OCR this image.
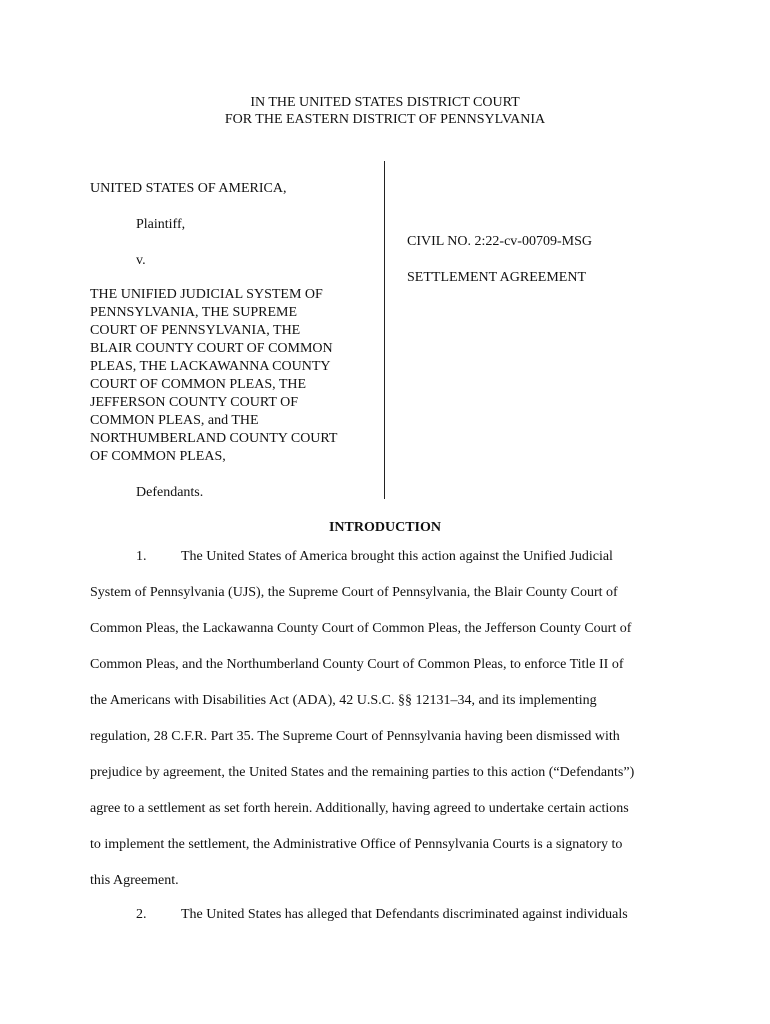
IN THE UNITED STATES DISTRICT COURT
FOR THE EASTERN DISTRICT OF PENNSYLVANIA
UNITED STATES OF AMERICA,
Plaintiff,
v.
THE UNIFIED JUDICIAL SYSTEM OF
PENNSYLVANIA, THE SUPREME
COURT OF PENNSYLVANIA, THE
BLAIR COUNTY COURT OF COMMON
PLEAS, THE LACKAWANNA COUNTY
COURT OF COMMON PLEAS, THE
JEFFERSON COUNTY COURT OF
COMMON PLEAS, and THE
NORTHUMBERLAND COUNTY COURT
OF COMMON PLEAS,
Defendants.
CIVIL NO. 2:22-cv-00709-MSG
SETTLEMENT AGREEMENT
INTRODUCTION
1. The United States of America brought this action against the Unified Judicial
System of Pennsylvania (UJS), the Supreme Court of Pennsylvania, the Blair County Court of
Common Pleas, the Lackawanna County Court of Common Pleas, the Jefferson County Court of
Common Pleas, and the Northumberland County Court of Common Pleas, to enforce Title II of
the Americans with Disabilities Act (ADA), 42 U.S.C. §§ 12131–34, and its implementing
regulation, 28 C.F.R. Part 35. The Supreme Court of Pennsylvania having been dismissed with
prejudice by agreement, the United States and the remaining parties to this action (“Defendants”)
agree to a settlement as set forth herein. Additionally, having agreed to undertake certain actions
to implement the settlement, the Administrative Office of Pennsylvania Courts is a signatory to
this Agreement.
2. The United States has alleged that Defendants discriminated against individuals
